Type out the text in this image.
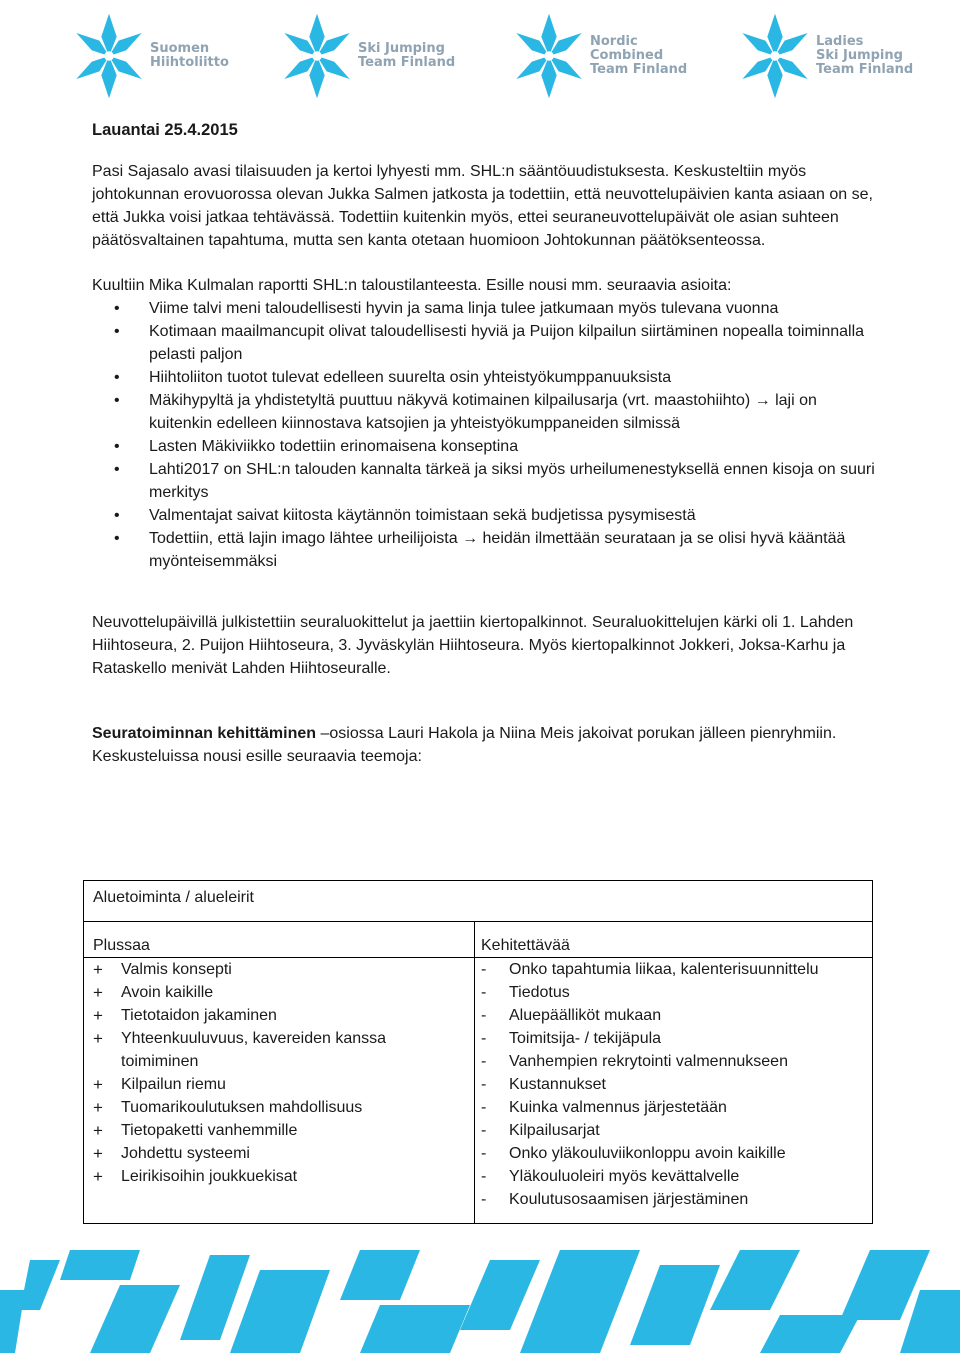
Suomen
Hiihtoliitto
Ski Jumping
Team Finland
Nordic
Combined
Team Finland
Ladies
Ski Jumping
Team Finland
Lauantai 25.4.2015

Pasi Sajasalo avasi tilaisuuden ja kertoi lyhyesti mm. SHL:n sääntöuudistuksesta. Keskusteltiin myös johtokunnan erovuorossa olevan Jukka Salmen jatkosta ja todettiin, että neuvottelupäivien kanta asiaan on se, että Jukka voisi jatkaa tehtävässä. Todettiin kuitenkin myös, ettei seuraneuvottelupäivät ole asian suhteen päätösvaltainen tapahtuma, mutta sen kanta otetaan huomioon Johtokunnan päätöksenteossa.

Kuultiin Mika Kulmalan raportti SHL:n taloustilanteesta. Esille nousi mm. seuraavia asioita:

• Viime talvi meni taloudellisesti hyvin ja sama linja tulee jatkumaan myös tulevana vuonna
• Kotimaan maailmancupit olivat taloudellisesti hyviä ja Puijon kilpailun siirtäminen nopealla toiminnalla pelasti paljon
• Hiihtoliiton tuotot tulevat edelleen suurelta osin yhteistyökumppanuuksista
• Mäkihypyltä ja yhdistetyltä puuttuu näkyvä kotimainen kilpailusarja (vrt. maastohiihto) → laji on kuitenkin edelleen kiinnostava katsojien ja yhteistyökumppaneiden silmissä
• Lasten Mäkiviikko todettiin erinomaisena konseptina
• Lahti2017 on SHL:n talouden kannalta tärkeä ja siksi myös urheilumenestyksellä ennen kisoja on suuri merkitys
• Valmentajat saivat kiitosta käytännön toimistaan sekä budjetissa pysymisestä
• Todettiin, että lajin imago lähtee urheilijoista → heidän ilmettään seurataan ja se olisi hyvä kääntää myönteisemmäksi

Neuvottelupäivillä julkistettiin seuraluokittelut ja jaettiin kiertopalkinnot. Seuraluokittelujen kärki oli 1. Lahden Hiihtoseura, 2. Puijon Hiihtoseura, 3. Jyväskylän Hiihtoseura. Myös kiertopalkinnot Jokkeri, Joksa-Karhu ja Rataskello menivät Lahden Hiihtoseuralle.

Seuratoiminnan kehittäminen –osiossa Lauri Hakola ja Niina Meis jakoivat porukan jälleen pienryhmiin. Keskusteluissa nousi esille seuraavia teemoja:

Aluetoiminta / alueleirit
Plussaa
+ Valmis konsepti
+ Avoin kaikille
+ Tietotaidon jakaminen
+ Yhteenkuuluvuus, kavereiden kanssa toimiminen
+ Kilpailun riemu
+ Tuomarikoulutuksen mahdollisuus
+ Tietopaketti vanhemmille
+ Johdettu systeemi
+ Leirikisoihin joukkuekisat
Kehitettävää
- Onko tapahtumia liikaa, kalenterisuunnittelu
- Tiedotus
- Aluepäälliköt mukaan
- Toimitsija- / tekijäpula
- Vanhempien rekrytointi valmennukseen
- Kustannukset
- Kuinka valmennus järjestetään
- Kilpailusarjat
- Onko yläkouluviikonloppu avoin kaikille
- Yläkouluoleiri myös kevättalvelle
- Koulutusosaamisen järjestäminen
